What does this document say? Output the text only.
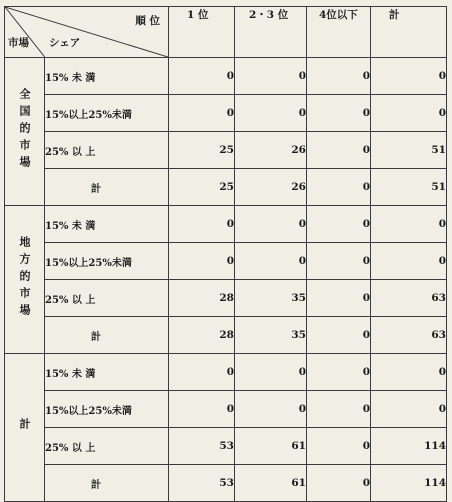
順 位
シェア
市場		1 位	2・3 位	4位以下	計
全国的市場	15% 未 満	0	0	0	0
	15%以上25%未満	0	0	0	0
	25% 以 上	25	26	0	51
	計	25	26	0	51
地方的市場	15% 未 満	0	0	0	0
	15%以上25%未満	0	0	0	0
	25% 以 上	28	35	0	63
	計	28	35	0	63
計	15% 未 満	0	0	0	0
	15%以上25%未満	0	0	0	0
	25% 以 上	53	61	0	114
	計	53	61	0	114
